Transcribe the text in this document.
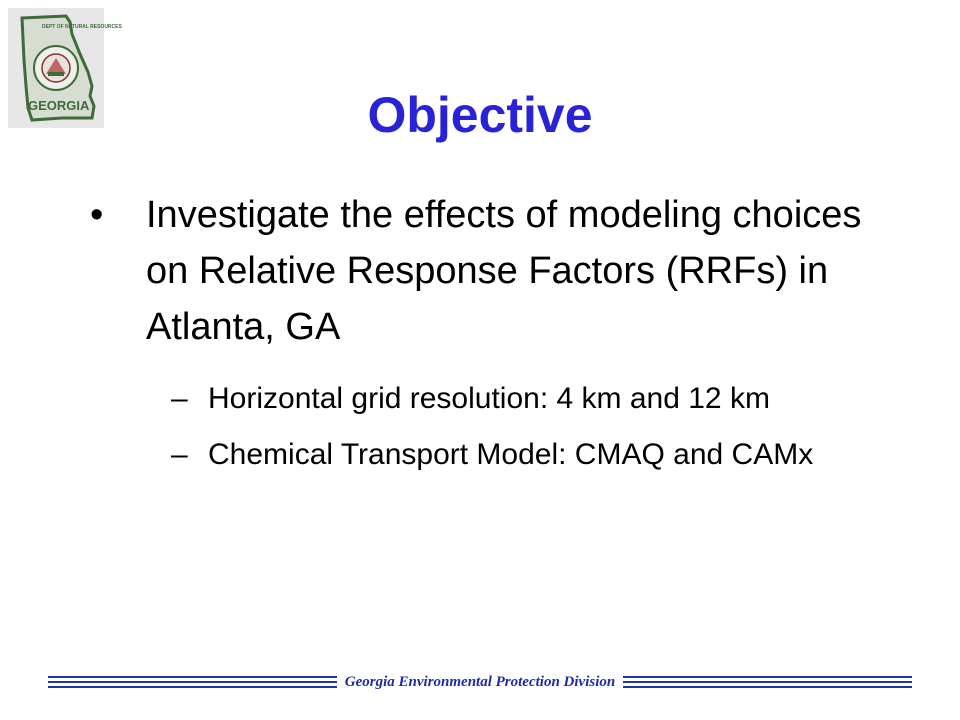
DEPT OF NATURAL RESOURCES
GEORGIA	Objective
•	Investigate the effects of modeling choices on Relative Response Factors (RRFs) in Atlanta, GA
– Horizontal grid resolution: 4 km and 12 km
– Chemical Transport Model: CMAQ and CAMx
Georgia Environmental Protection Division
